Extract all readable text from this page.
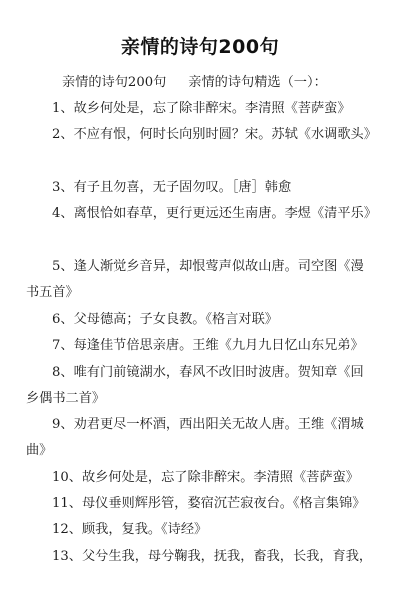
亲情的诗句200句
亲情的诗句200句 亲情的诗句精选（一）：
1、故乡何处是，忘了除非醉宋。李清照《菩萨蛮》
2、不应有恨，何时长向别时圆？宋。苏轼《水调歌头》
3、有子且勿喜，无子固勿叹。［唐］韩愈
4、离恨恰如春草，更行更远还生南唐。李煜《清平乐》
5、逢人渐觉乡音异，却恨莺声似故山唐。司空图《漫
书五首》
6、父母德高；子女良教。《格言对联》
7、每逢佳节倍思亲唐。王维《九月九日忆山东兄弟》
8、唯有门前镜湖水，春风不改旧时波唐。贺知章《回
乡偶书二首》
9、劝君更尽一杯酒，西出阳关无故人唐。王维《渭城
曲》
10、故乡何处是，忘了除非醉宋。李清照《菩萨蛮》
11、母仪垂则辉彤管，婺宿沉芒寂夜台。《格言集锦》
12、顾我，复我。《诗经》
13、父兮生我，母兮鞠我，抚我，畜我，长我，育我，
